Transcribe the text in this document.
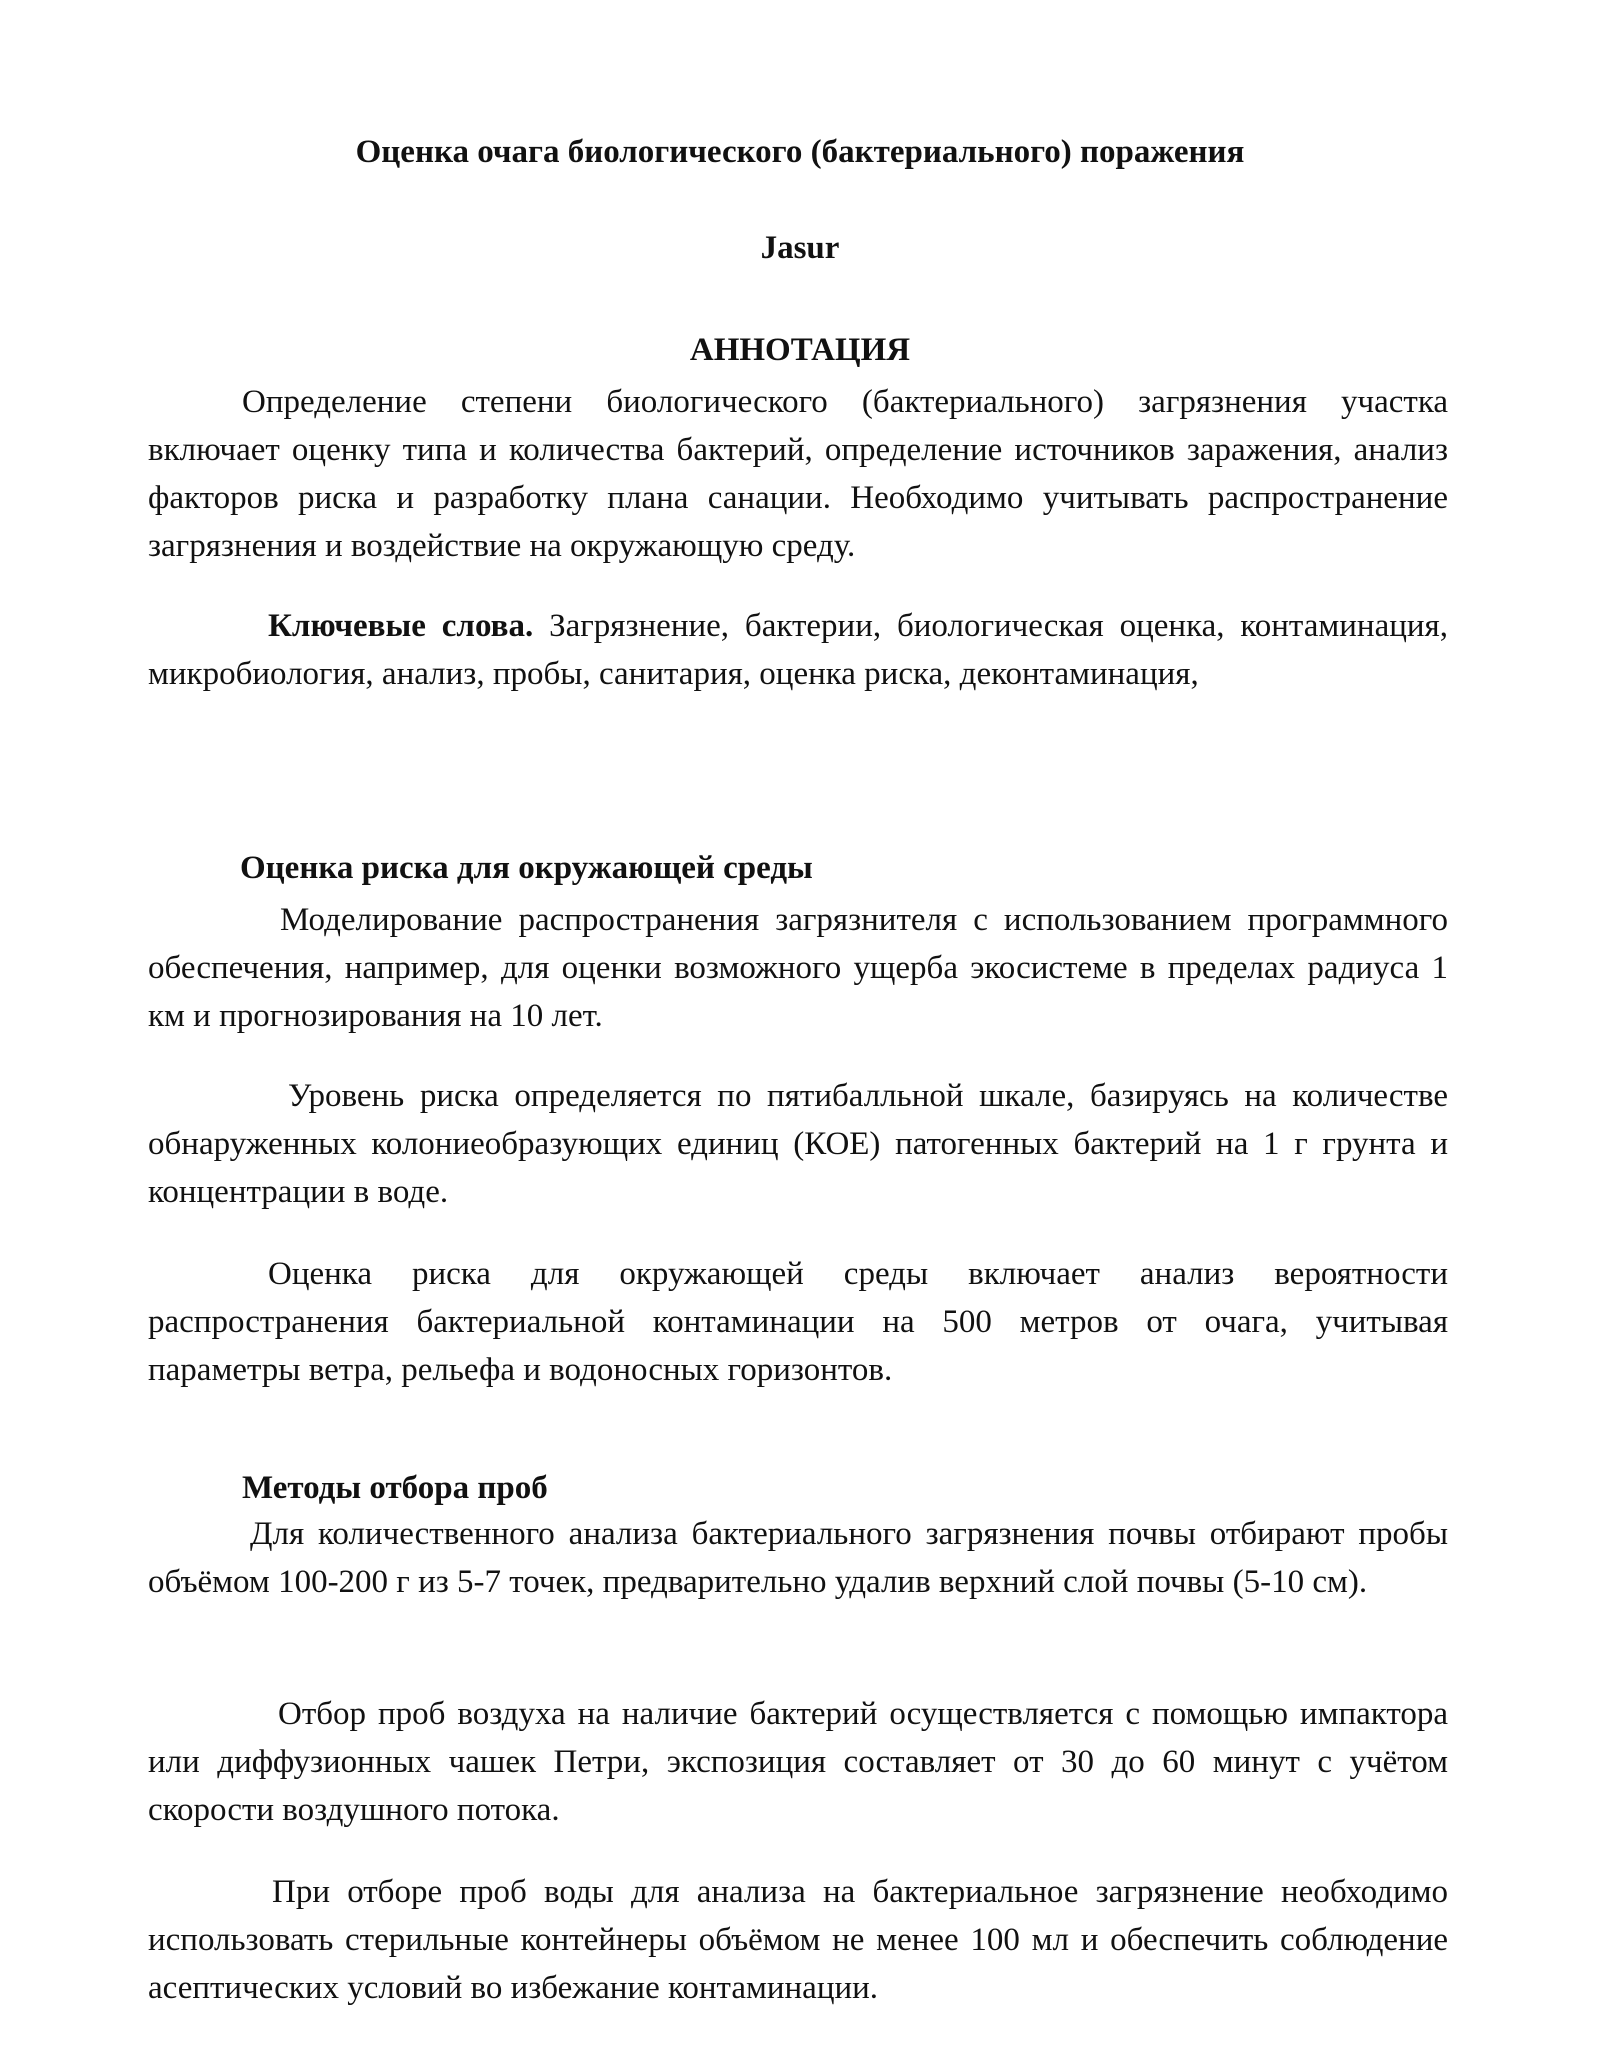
Оценка очага биологического (бактериального) поражения
Jasur
АННОТАЦИЯ

Определение степени биологического (бактериального) загрязнения участка включает оценку типа и количества бактерий, определение источников заражения, анализ факторов риска и разработку плана санации. Необходимо учитывать распространение загрязнения и воздействие на окружающую среду.

Ключевые слова. Загрязнение, бактерии, биологическая оценка, контаминация, микробиология, анализ, пробы, санитария, оценка риска, деконтаминация,

Оценка риска для окружающей среды

Моделирование распространения загрязнителя с использованием программного обеспечения, например, для оценки возможного ущерба экосистеме в пределах радиуса 1 км и прогнозирования на 10 лет.

Уровень риска определяется по пятибалльной шкале, базируясь на количестве обнаруженных колониеобразующих единиц (КОЕ) патогенных бактерий на 1 г грунта и концентрации в воде.

Оценка риска для окружающей среды включает анализ вероятности распространения бактериальной контаминации на 500 метров от очага, учитывая параметры ветра, рельефа и водоносных горизонтов.

Методы отбора проб

Для количественного анализа бактериального загрязнения почвы отбирают пробы объёмом 100-200 г из 5-7 точек, предварительно удалив верхний слой почвы (5-10 см).

Отбор проб воздуха на наличие бактерий осуществляется с помощью импактора или диффузионных чашек Петри, экспозиция составляет от 30 до 60 минут с учётом скорости воздушного потока.

При отборе проб воды для анализа на бактериальное загрязнение необходимо использовать стерильные контейнеры объёмом не менее 100 мл и обеспечить соблюдение асептических условий во избежание контаминации.
